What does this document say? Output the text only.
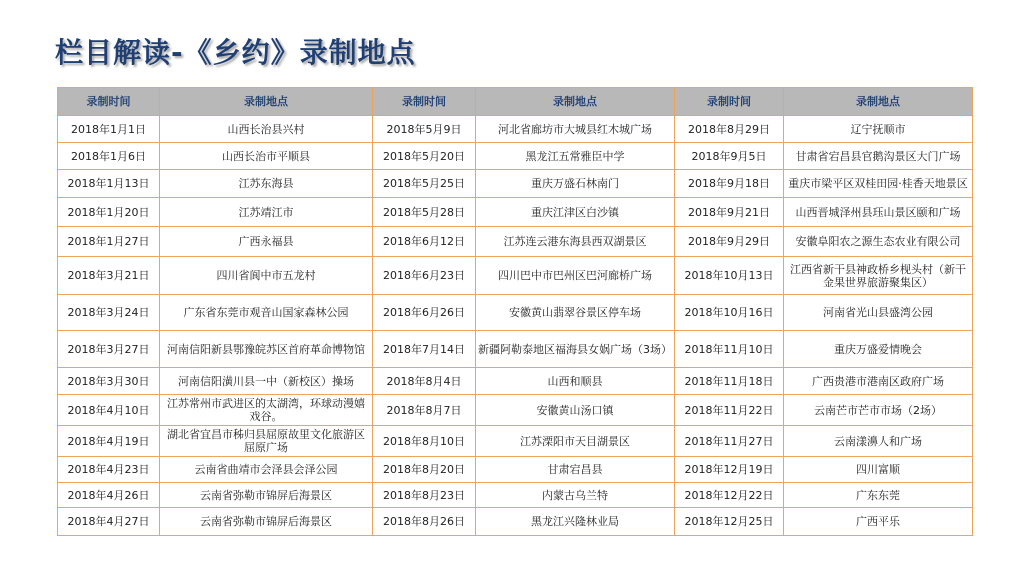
栏目解读-《乡约》录制地点
录制时间	录制地点	录制时间	录制地点	录制时间	录制地点
2018年1月1日	山西长治县兴村	2018年5月9日	河北省廊坊市大城县红木城广场	2018年8月29日	辽宁抚顺市
2018年1月6日	山西长治市平顺县	2018年5月20日	黑龙江五常雅臣中学	2018年9月5日	甘肃省宕昌县官鹅沟景区大门广场
2018年1月13日	江苏东海县	2018年5月25日	重庆万盛石林南门	2018年9月18日	重庆市梁平区双桂田园·桂香天地景区
2018年1月20日	江苏靖江市	2018年5月28日	重庆江津区白沙镇	2018年9月21日	山西晋城泽州县珏山景区颐和广场
2018年1月27日	广西永福县	2018年6月12日	江苏连云港东海县西双湖景区	2018年9月29日	安徽阜阳农之源生态农业有限公司
2018年3月21日	四川省阆中市五龙村	2018年6月23日	四川巴中市巴州区巴河廊桥广场	2018年10月13日	江西省新干县神政桥乡枧头村（新干金果世界旅游聚集区）
2018年3月24日	广东省东莞市观音山国家森林公园	2018年6月26日	安徽黄山翡翠谷景区停车场	2018年10月16日	河南省光山县盛湾公园
2018年3月27日	河南信阳新县鄂豫皖苏区首府革命博物馆	2018年7月14日	新疆阿勒泰地区福海县女娲广场（3场）	2018年11月10日	重庆万盛爱情晚会
2018年3月30日	河南信阳潢川县一中（新校区）操场	2018年8月4日	山西和顺县	2018年11月18日	广西贵港市港南区政府广场
2018年4月10日	江苏常州市武进区的太湖湾，环球动漫嬉戏谷。	2018年8月7日	安徽黄山汤口镇	2018年11月22日	云南芒市芒市市场（2场）
2018年4月19日	湖北省宜昌市秭归县屈原故里文化旅游区屈原广场	2018年8月10日	江苏溧阳市天目湖景区	2018年11月27日	云南漾濞人和广场
2018年4月23日	云南省曲靖市会泽县会泽公园	2018年8月20日	甘肃宕昌县	2018年12月19日	四川富顺
2018年4月26日	云南省弥勒市锦屏后海景区	2018年8月23日	内蒙古乌兰特	2018年12月22日	广东东莞
2018年4月27日	云南省弥勒市锦屏后海景区	2018年8月26日	黑龙江兴隆林业局	2018年12月25日	广西平乐
